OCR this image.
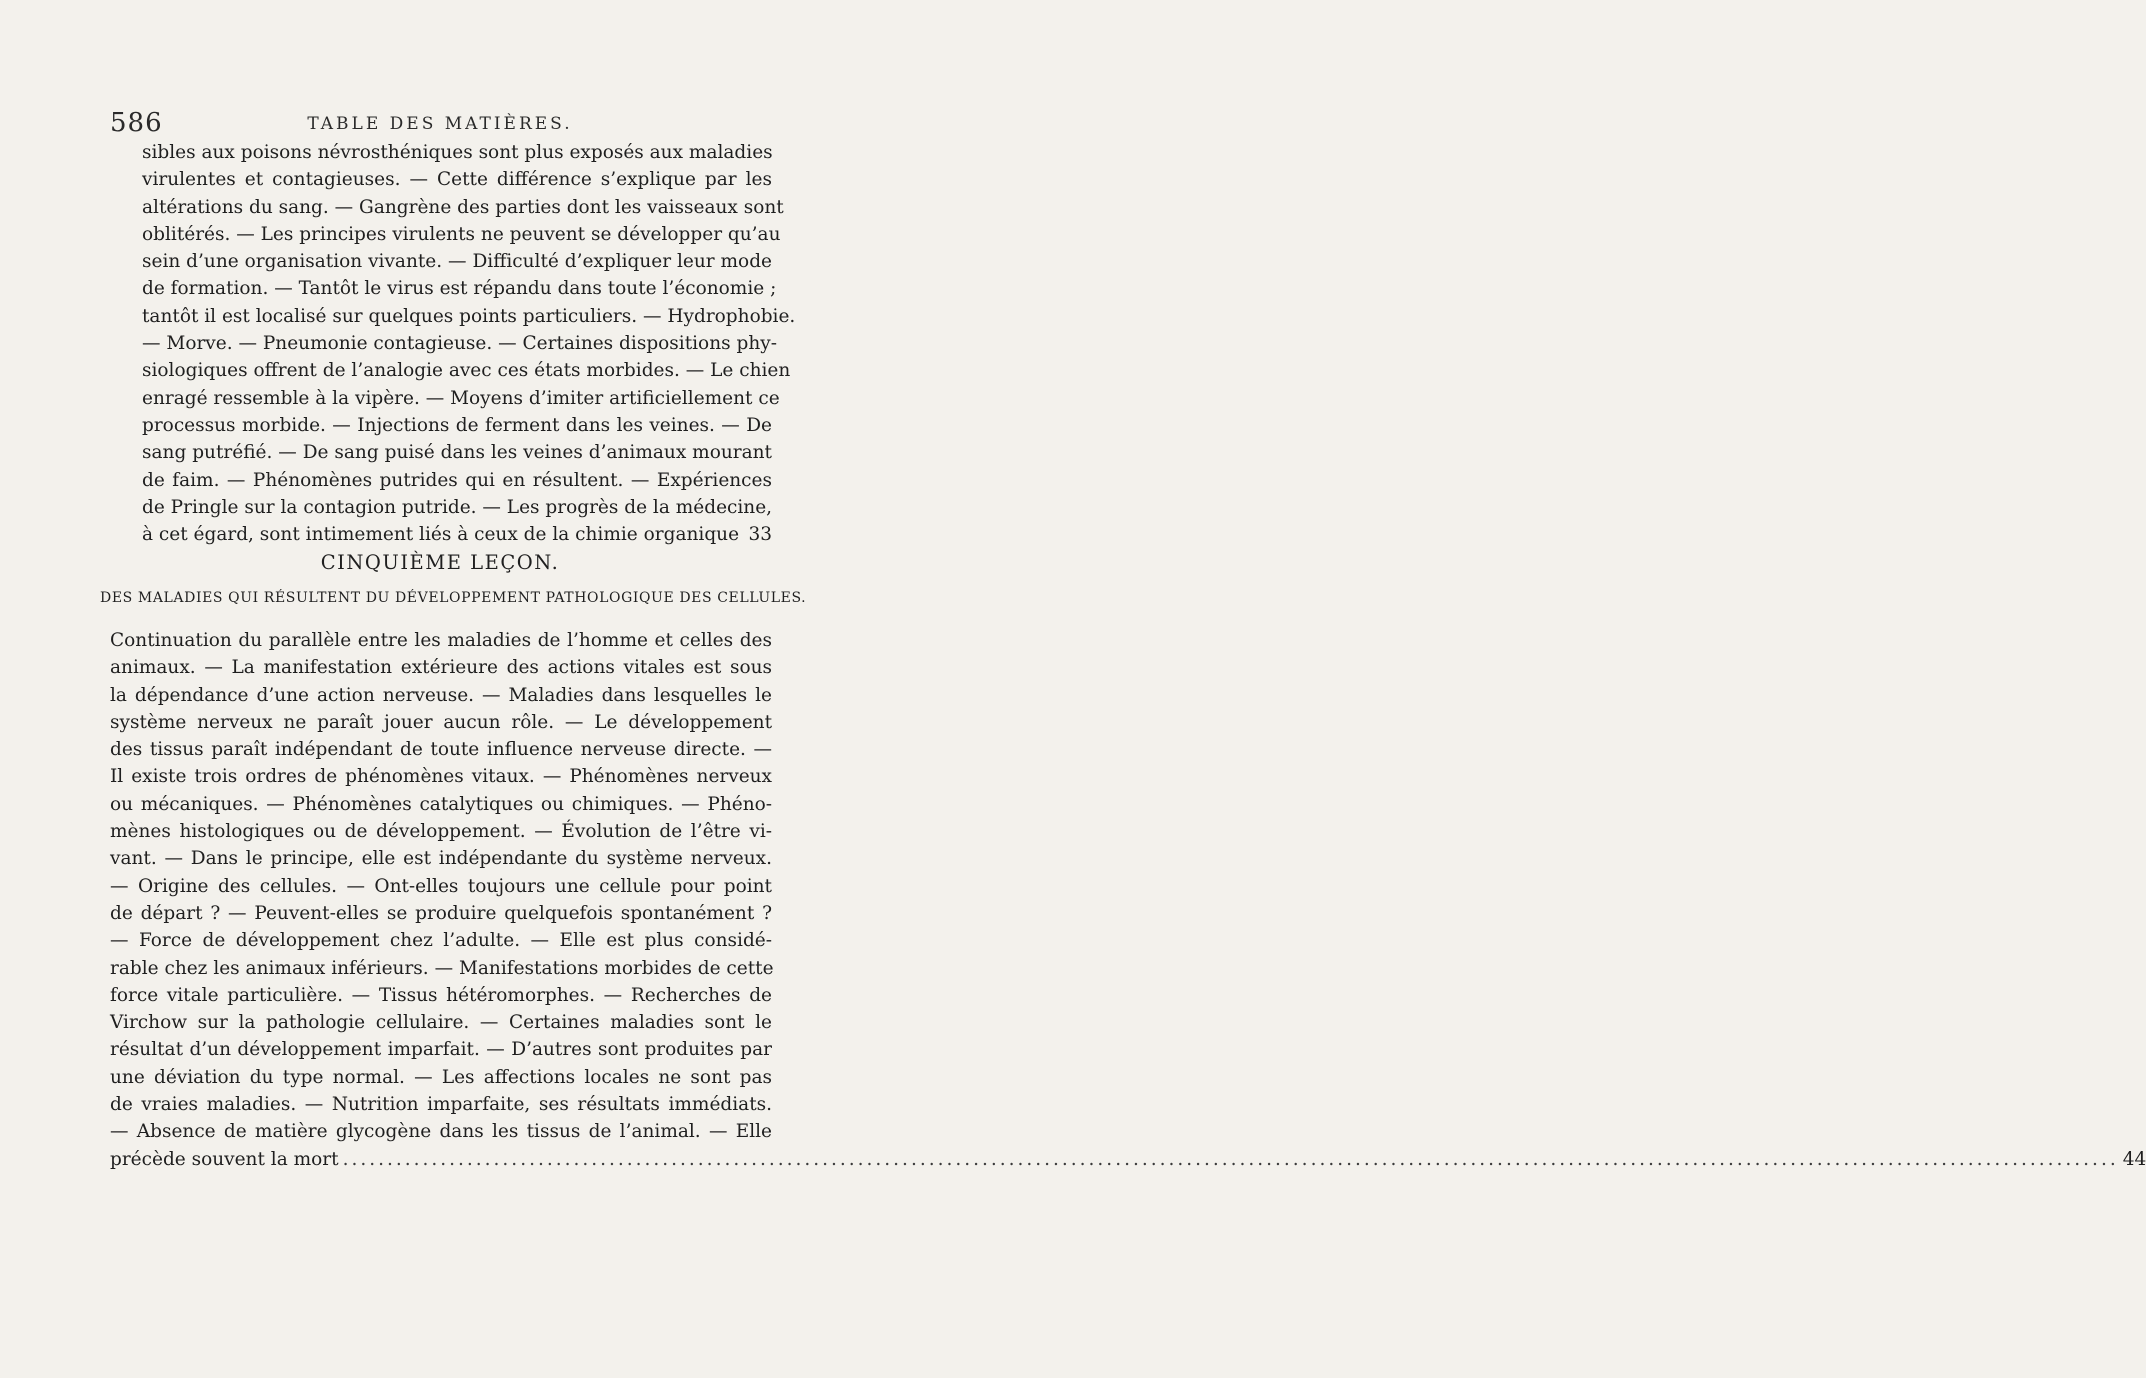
586	TABLE DES MATIÈRES.
sibles aux poisons névrosthéniques sont plus exposés aux maladies
virulentes et contagieuses. — Cette différence s’explique par les
altérations du sang. — Gangrène des parties dont les vaisseaux sont
oblitérés. — Les principes virulents ne peuvent se développer qu’au
sein d’une organisation vivante. — Difficulté d’expliquer leur mode
de formation. — Tantôt le virus est répandu dans toute l’économie ;
tantôt il est localisé sur quelques points particuliers. — Hydrophobie.
— Morve. — Pneumonie contagieuse. — Certaines dispositions phy-
siologiques offrent de l’analogie avec ces états morbides. — Le chien
enragé ressemble à la vipère. — Moyens d’imiter artificiellement ce
processus morbide. — Injections de ferment dans les veines. — De
sang putréfié. — De sang puisé dans les veines d’animaux mourant
de faim. — Phénomènes putrides qui en résultent. — Expériences
de Pringle sur la contagion putride. — Les progrès de la médecine,
à cet égard, sont intimement liés à ceux de la chimie organique 33
CINQUIÈME LEÇON.
DES MALADIES QUI RÉSULTENT DU DÉVELOPPEMENT PATHOLOGIQUE DES CELLULES.
Continuation du parallèle entre les maladies de l’homme et celles des
animaux. — La manifestation extérieure des actions vitales est sous
la dépendance d’une action nerveuse. — Maladies dans lesquelles le
système nerveux ne paraît jouer aucun rôle. — Le développement
des tissus paraît indépendant de toute influence nerveuse directe. —
Il existe trois ordres de phénomènes vitaux. — Phénomènes nerveux
ou mécaniques. — Phénomènes catalytiques ou chimiques. — Phéno-
mènes histologiques ou de développement. — Évolution de l’être vi-
vant. — Dans le principe, elle est indépendante du système nerveux.
— Origine des cellules. — Ont-elles toujours une cellule pour point
de départ ? — Peuvent-elles se produire quelquefois spontanément ?
— Force de développement chez l’adulte. — Elle est plus considé-
rable chez les animaux inférieurs. — Manifestations morbides de cette
force vitale particulière. — Tissus hétéromorphes. — Recherches de
Virchow sur la pathologie cellulaire. — Certaines maladies sont le
résultat d’un développement imparfait. — D’autres sont produites par
une déviation du type normal. — Les affections locales ne sont pas
de vraies maladies. — Nutrition imparfaite, ses résultats immédiats.
— Absence de matière glycogène dans les tissus de l’animal. — Elle
précède souvent la mort ........................................................................................................................................................................................................ 44
